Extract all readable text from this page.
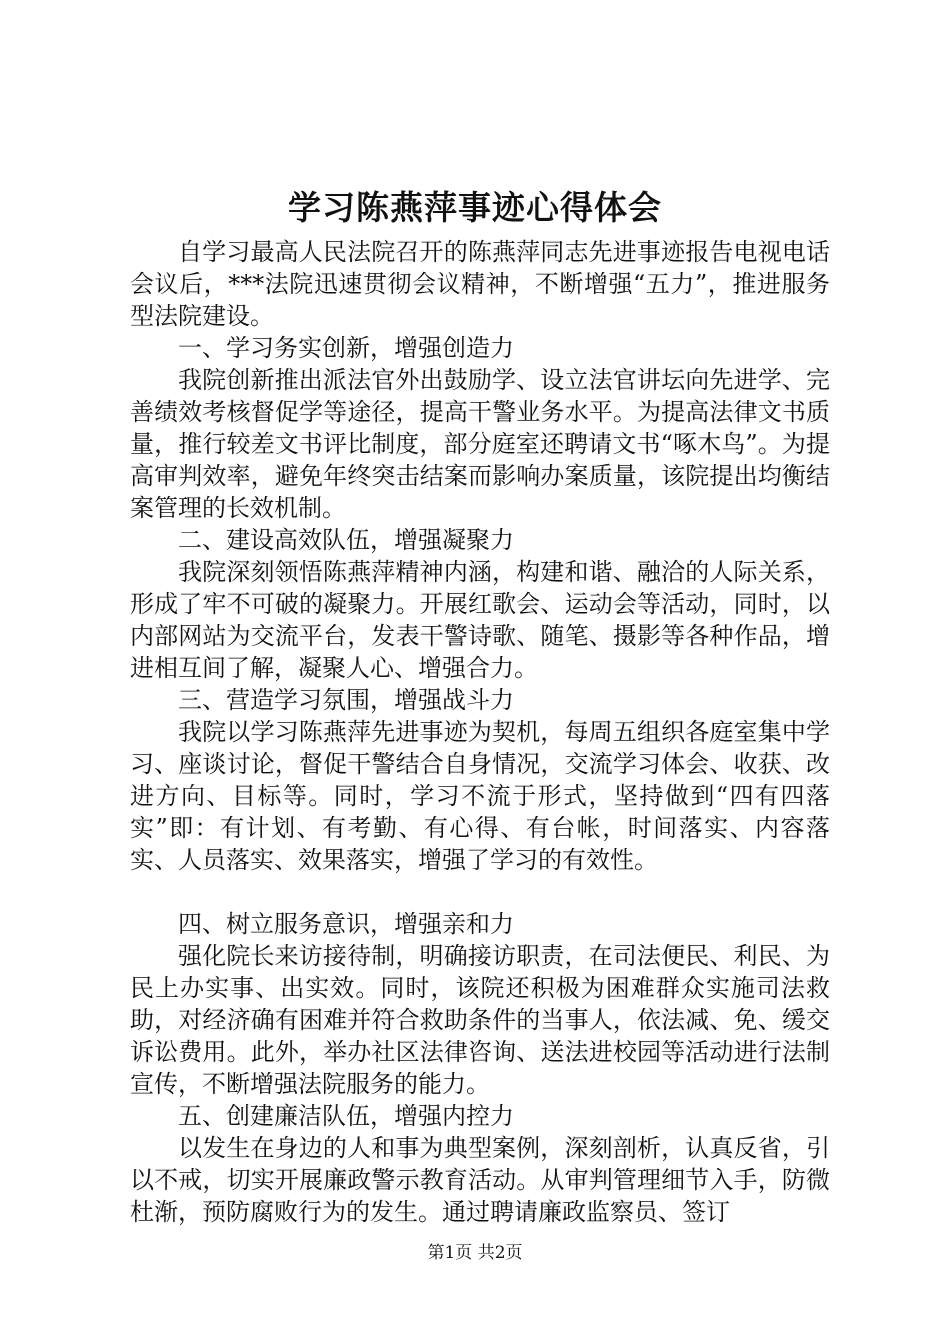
学习陈燕萍事迹心得体会

自学习最高人民法院召开的陈燕萍同志先进事迹报告电视电话会议后，***法院迅速贯彻会议精神，不断增强“五力”，推进服务型法院建设。

一、学习务实创新，增强创造力

我院创新推出派法官外出鼓励学、设立法官讲坛向先进学、完善绩效考核督促学等途径，提高干警业务水平。为提高法律文书质量，推行较差文书评比制度，部分庭室还聘请文书“啄木鸟”。为提高审判效率，避免年终突击结案而影响办案质量，该院提出均衡结案管理的长效机制。

二、建设高效队伍，增强凝聚力

我院深刻领悟陈燕萍精神内涵，构建和谐、融洽的人际关系，形成了牢不可破的凝聚力。开展红歌会、运动会等活动，同时，以内部网站为交流平台，发表干警诗歌、随笔、摄影等各种作品，增进相互间了解，凝聚人心、增强合力。

三、营造学习氛围，增强战斗力

我院以学习陈燕萍先进事迹为契机，每周五组织各庭室集中学习、座谈讨论，督促干警结合自身情况，交流学习体会、收获、改进方向、目标等。同时，学习不流于形式，坚持做到“四有四落实”即：有计划、有考勤、有心得、有台帐，时间落实、内容落实、人员落实、效果落实，增强了学习的有效性。

四、树立服务意识，增强亲和力

强化院长来访接待制，明确接访职责，在司法便民、利民、为民上办实事、出实效。同时，该院还积极为困难群众实施司法救助，对经济确有困难并符合救助条件的当事人，依法减、免、缓交诉讼费用。此外，举办社区法律咨询、送法进校园等活动进行法制宣传，不断增强法院服务的能力。

五、创建廉洁队伍，增强内控力

以发生在身边的人和事为典型案例，深刻剖析，认真反省，引以不戒，切实开展廉政警示教育活动。从审判管理细节入手，防微杜渐，预防腐败行为的发生。通过聘请廉政监察员、签订

第1页 共2页
